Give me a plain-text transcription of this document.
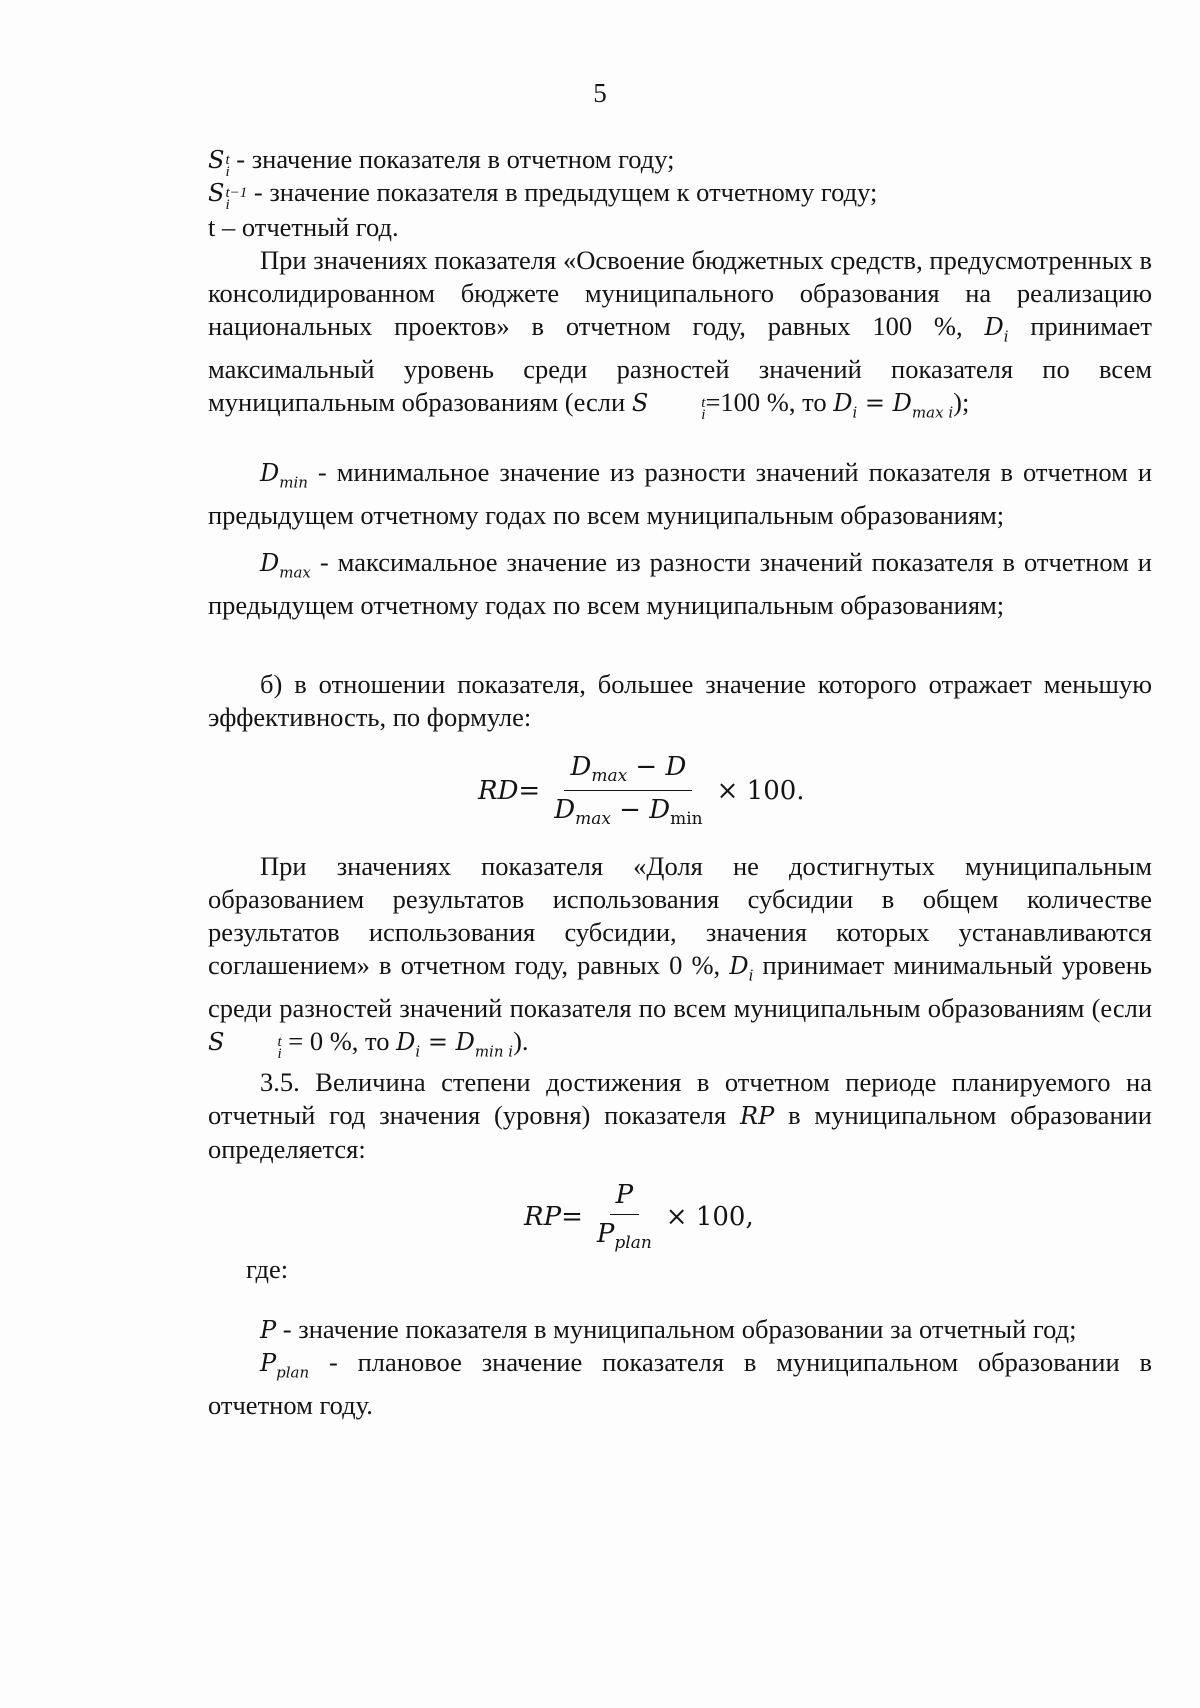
5
S t
i - значение показателя в отчетном году;
S t−1
i - значение показателя в предыдущем к отчетному году;
t – отчетный год.
При значениях показателя «Освоение бюджетных средств, предусмотренных в консолидированном бюджете муниципального образования на реализацию национальных проектов» в отчетном году, равных 100 %, $D_i$ принимает максимальный уровень среди разностей значений показателя по всем муниципальным образованиям (если S	t
i =100 %, то $D_i = D_{max i}$);
$D_{min}$ - минимальное значение из разности значений показателя в отчетном и предыдущем отчетному годах по всем муниципальным образованиям;
$D_{max}$ - максимальное значение из разности значений показателя в отчетном и предыдущем отчетному годах по всем муниципальным образованиям;
б) в отношении показателя, большее значение которого отражает меньшую эффективность, по формуле:
RD = $\frac{D_{max} - D}{D_{max} - D_{min}} \times 100$.
При значениях показателя «Доля не достигнутых муниципальным образованием результатов использования субсидии в общем количестве результатов использования субсидии, значения которых устанавливаются соглашением» в отчетном году, равных 0 %, $D_i$ принимает минимальный уровень среди разностей значений показателя по всем муниципальным образованиям (если S	t
i = 0 %, то $D_i = D_{min i}$).
3.5. Величина степени достижения в отчетном периоде планируемого на отчетный год значения (уровня) показателя RP в муниципальном образовании определяется:
RP = $\frac{P}{P_{plan}} \times 100$,
где:
P - значение показателя в муниципальном образовании за отчетный год;
$P_{plan}$ - плановое значение показателя в муниципальном образовании в отчетном году.
